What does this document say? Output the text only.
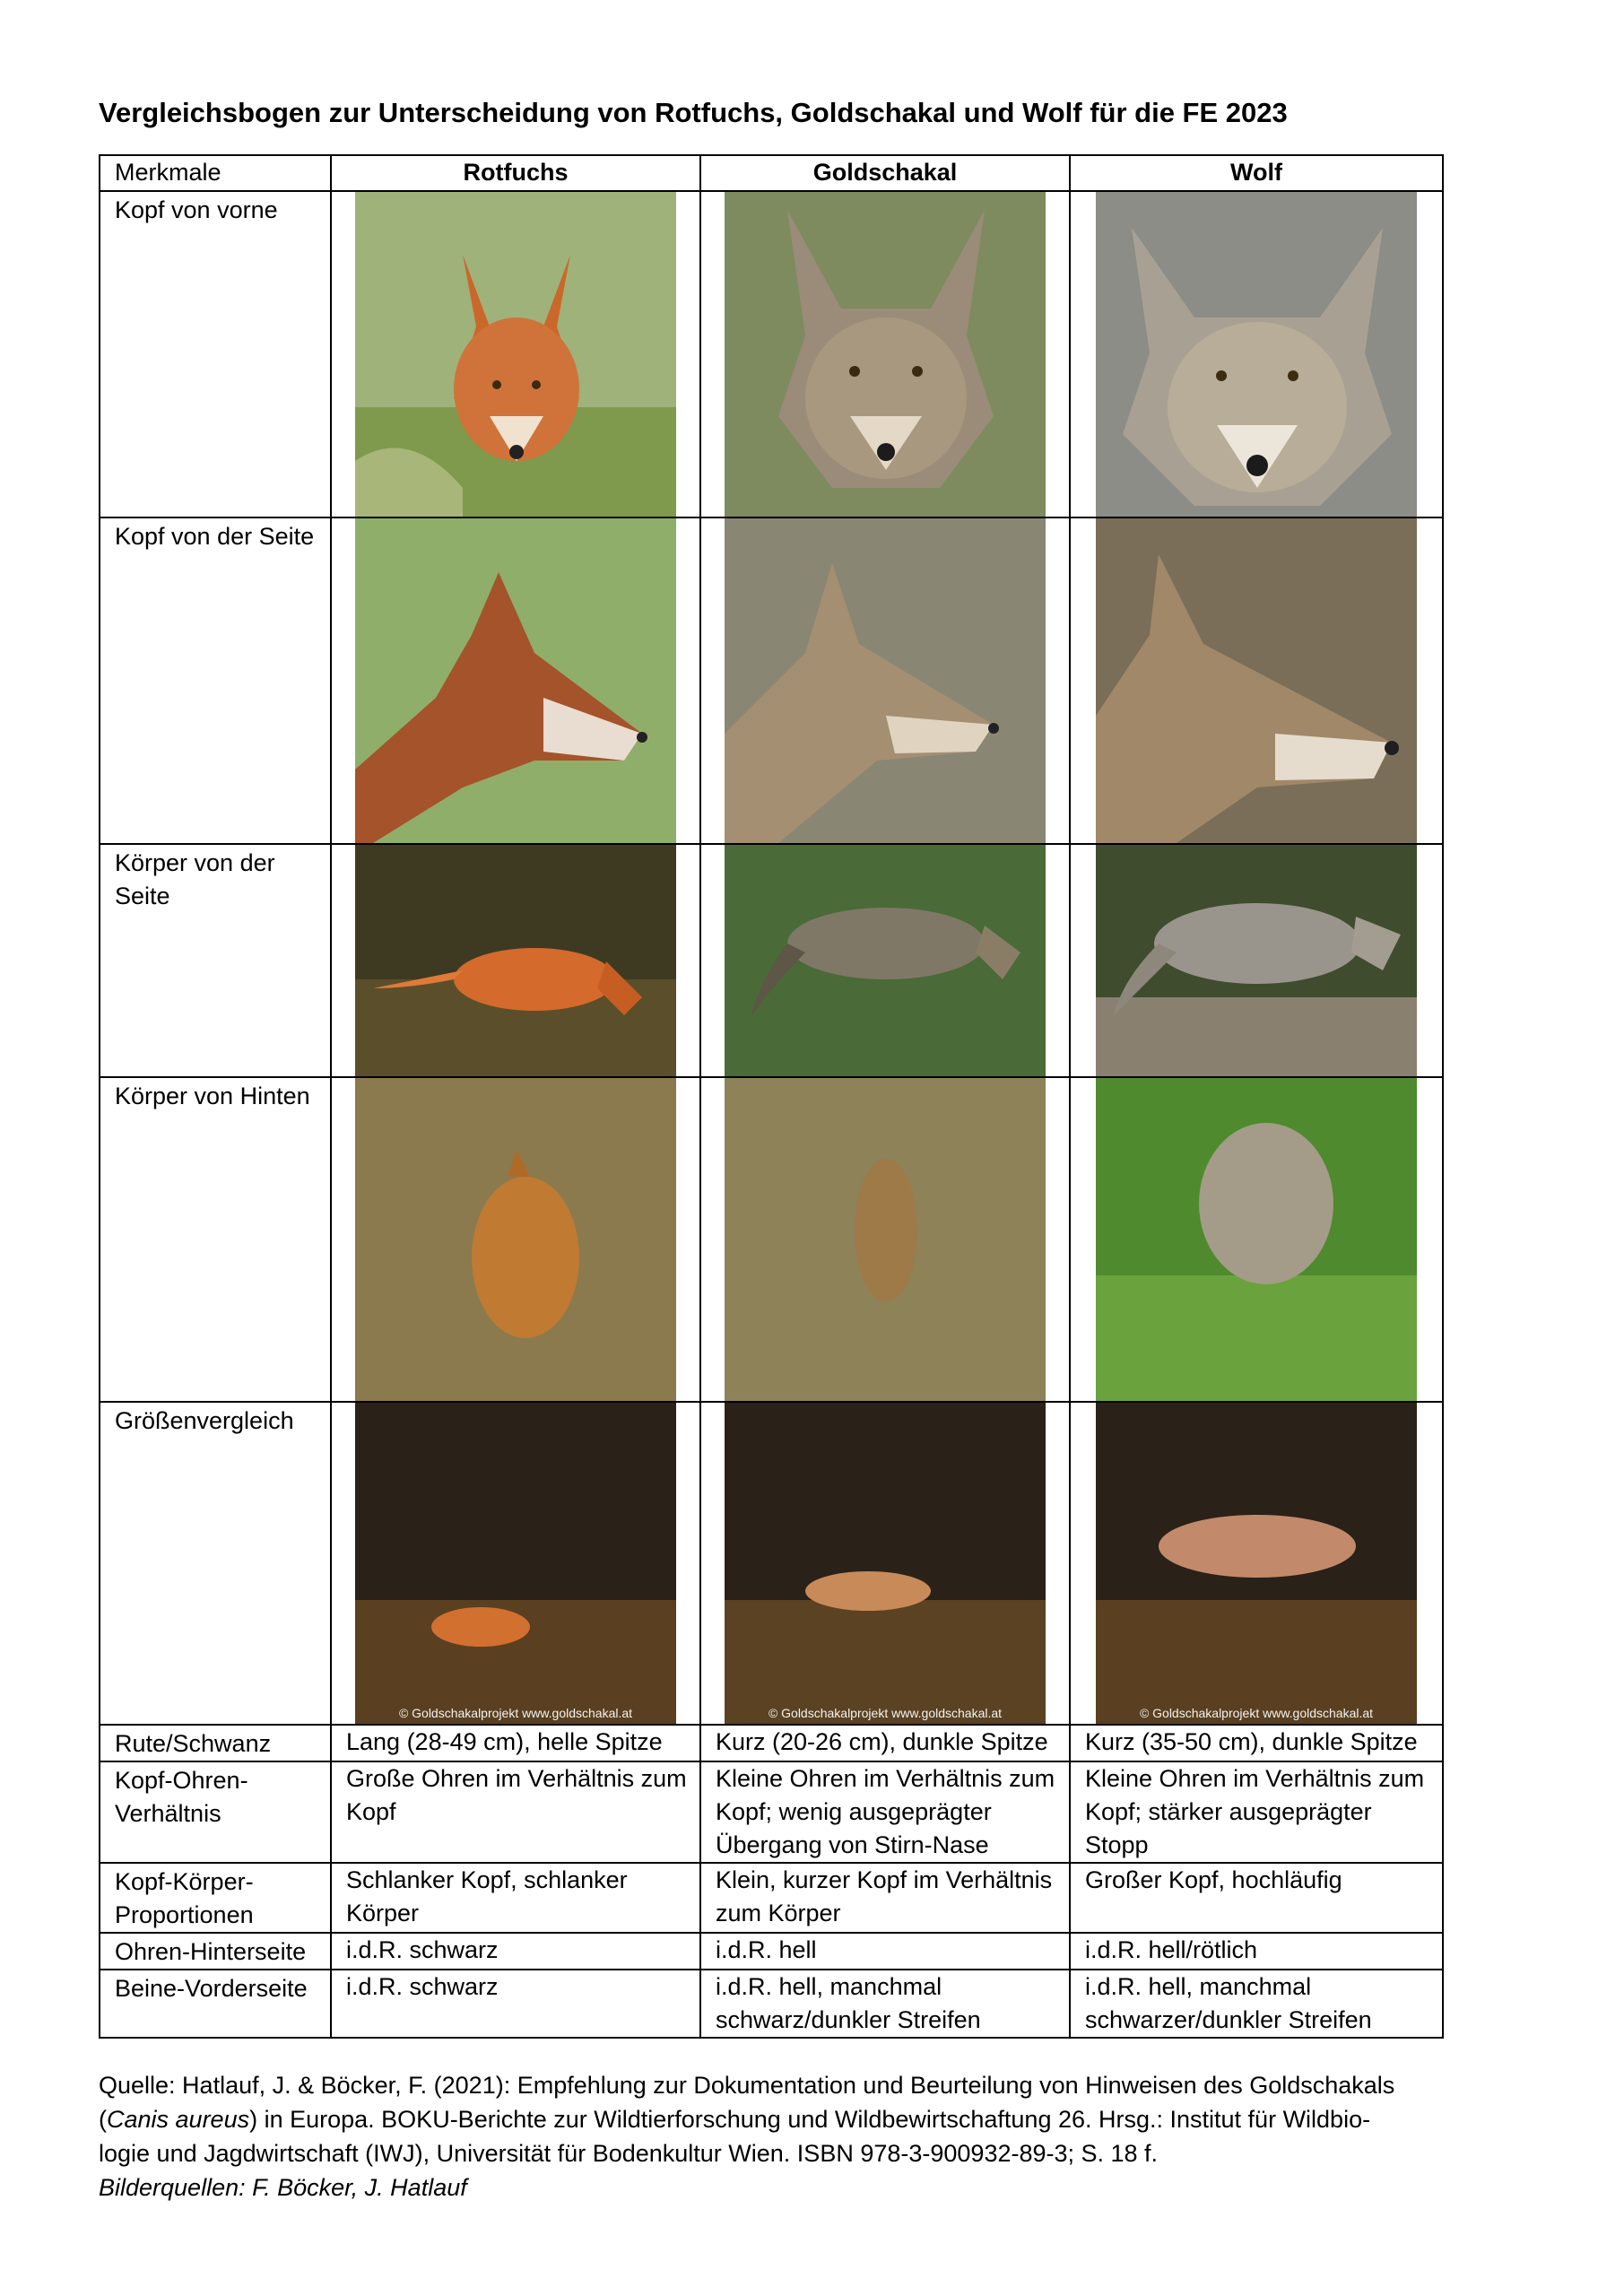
Vergleichsbogen zur Unterscheidung von Rotfuchs, Goldschakal und Wolf für die FE 2023
Merkmale	Rotfuchs	Goldschakal	Wolf
Kopf von vorne	

Kopf von der Seite	

Körper von der Seite	

Körper von Hinten	

Größenvergleich	© Goldschakalprojekt www.goldschakal.at	© Goldschakalprojekt www.goldschakal.at	© Goldschakalprojekt www.goldschakal.at

Rute/Schwanz	Lang (28-49 cm), helle Spitze	Kurz (20-26 cm), dunkle Spitze	Kurz (35-50 cm), dunkle Spitze
Kopf-Ohren-Verhältnis	Große Ohren im Verhältnis zum Kopf	Kleine Ohren im Verhältnis zum Kopf; wenig ausgeprägter Übergang von Stirn-Nase	Kleine Ohren im Verhältnis zum Kopf; stärker ausgeprägter Stopp
Kopf-Körper-Proportionen	Schlanker Kopf, schlanker Körper	Klein, kurzer Kopf im Verhältnis zum Körper	Großer Kopf, hochläufig
Ohren-Hinterseite	i.d.R. schwarz	i.d.R. hell	i.d.R. hell/rötlich
Beine-Vorderseite	i.d.R. schwarz	i.d.R. hell, manchmal schwarz/dunkler Streifen	i.d.R. hell, manchmal schwarzer/dunkler Streifen

Quelle: Hatlauf, J. & Böcker, F. (2021): Empfehlung zur Dokumentation und Beurteilung von Hinweisen des Goldschakals

(Canis aureus) in Europa. BOKU-Berichte zur Wildtierforschung und Wildbewirtschaftung 26. Hrsg.: Institut für Wildbio-

logie und Jagdwirtschaft (IWJ), Universität für Bodenkultur Wien. ISBN 978-3-900932-89-3; S. 18 f.

Bilderquellen: F. Böcker, J. Hatlauf
